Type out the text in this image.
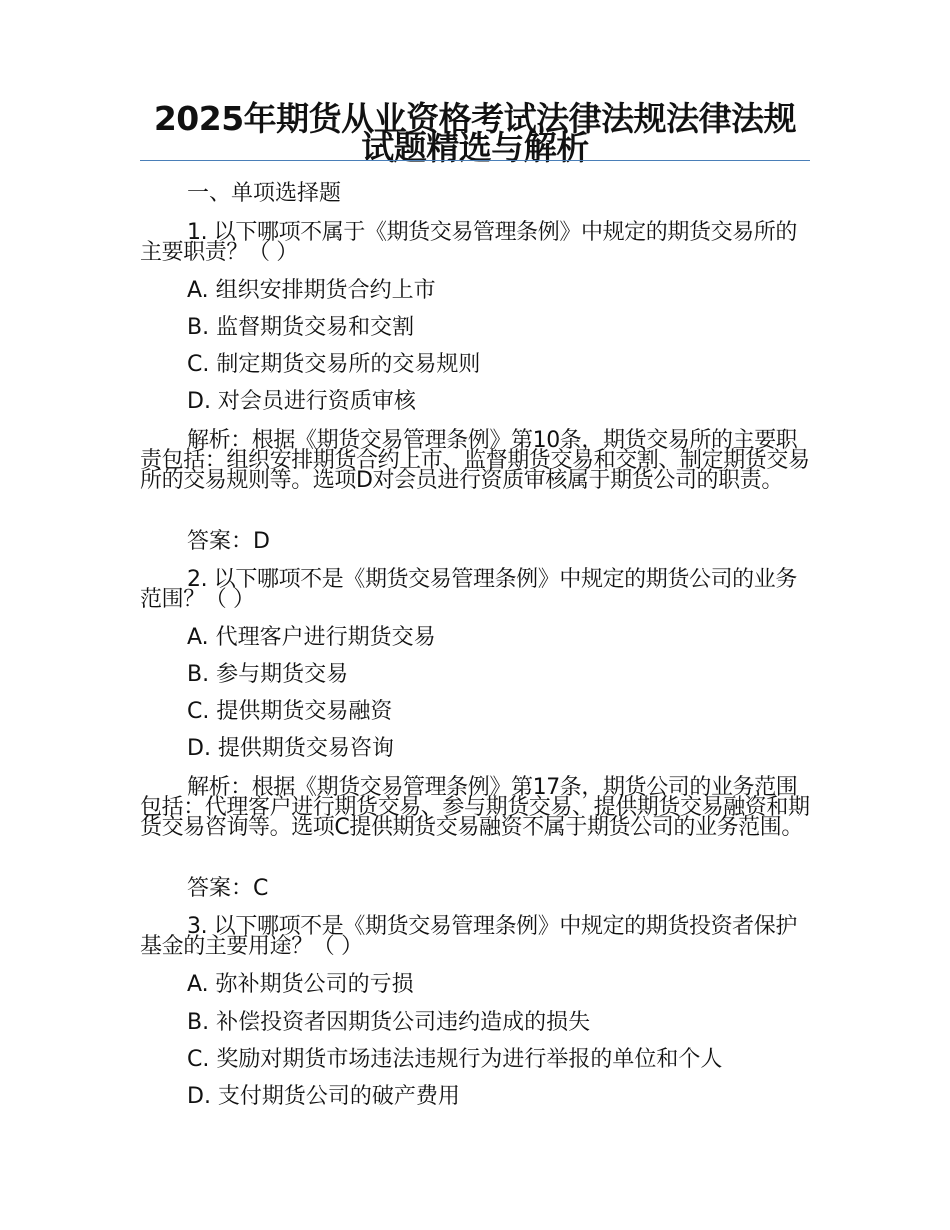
2025年期货从业资格考试法律法规法律法规试题精选与解析

一、单项选择题

1. 以下哪项不属于《期货交易管理条例》中规定的期货交易所的主要职责？（ ）

A. 组织安排期货合约上市

B. 监督期货交易和交割

C. 制定期货交易所的交易规则

D. 对会员进行资质审核

解析：根据《期货交易管理条例》第10条，期货交易所的主要职责包括：组织安排期货合约上市、监督期货交易和交割、制定期货交易所的交易规则等。选项D对会员进行资质审核属于期货公司的职责。

答案：D

2. 以下哪项不是《期货交易管理条例》中规定的期货公司的业务范围？（ ）

A. 代理客户进行期货交易

B. 参与期货交易

C. 提供期货交易融资

D. 提供期货交易咨询

解析：根据《期货交易管理条例》第17条，期货公司的业务范围包括：代理客户进行期货交易、参与期货交易、提供期货交易融资和期货交易咨询等。选项C提供期货交易融资不属于期货公司的业务范围。

答案：C

3. 以下哪项不是《期货交易管理条例》中规定的期货投资者保护基金的主要用途？（ ）

A. 弥补期货公司的亏损

B. 补偿投资者因期货公司违约造成的损失

C. 奖励对期货市场违法违规行为进行举报的单位和个人

D. 支付期货公司的破产费用
